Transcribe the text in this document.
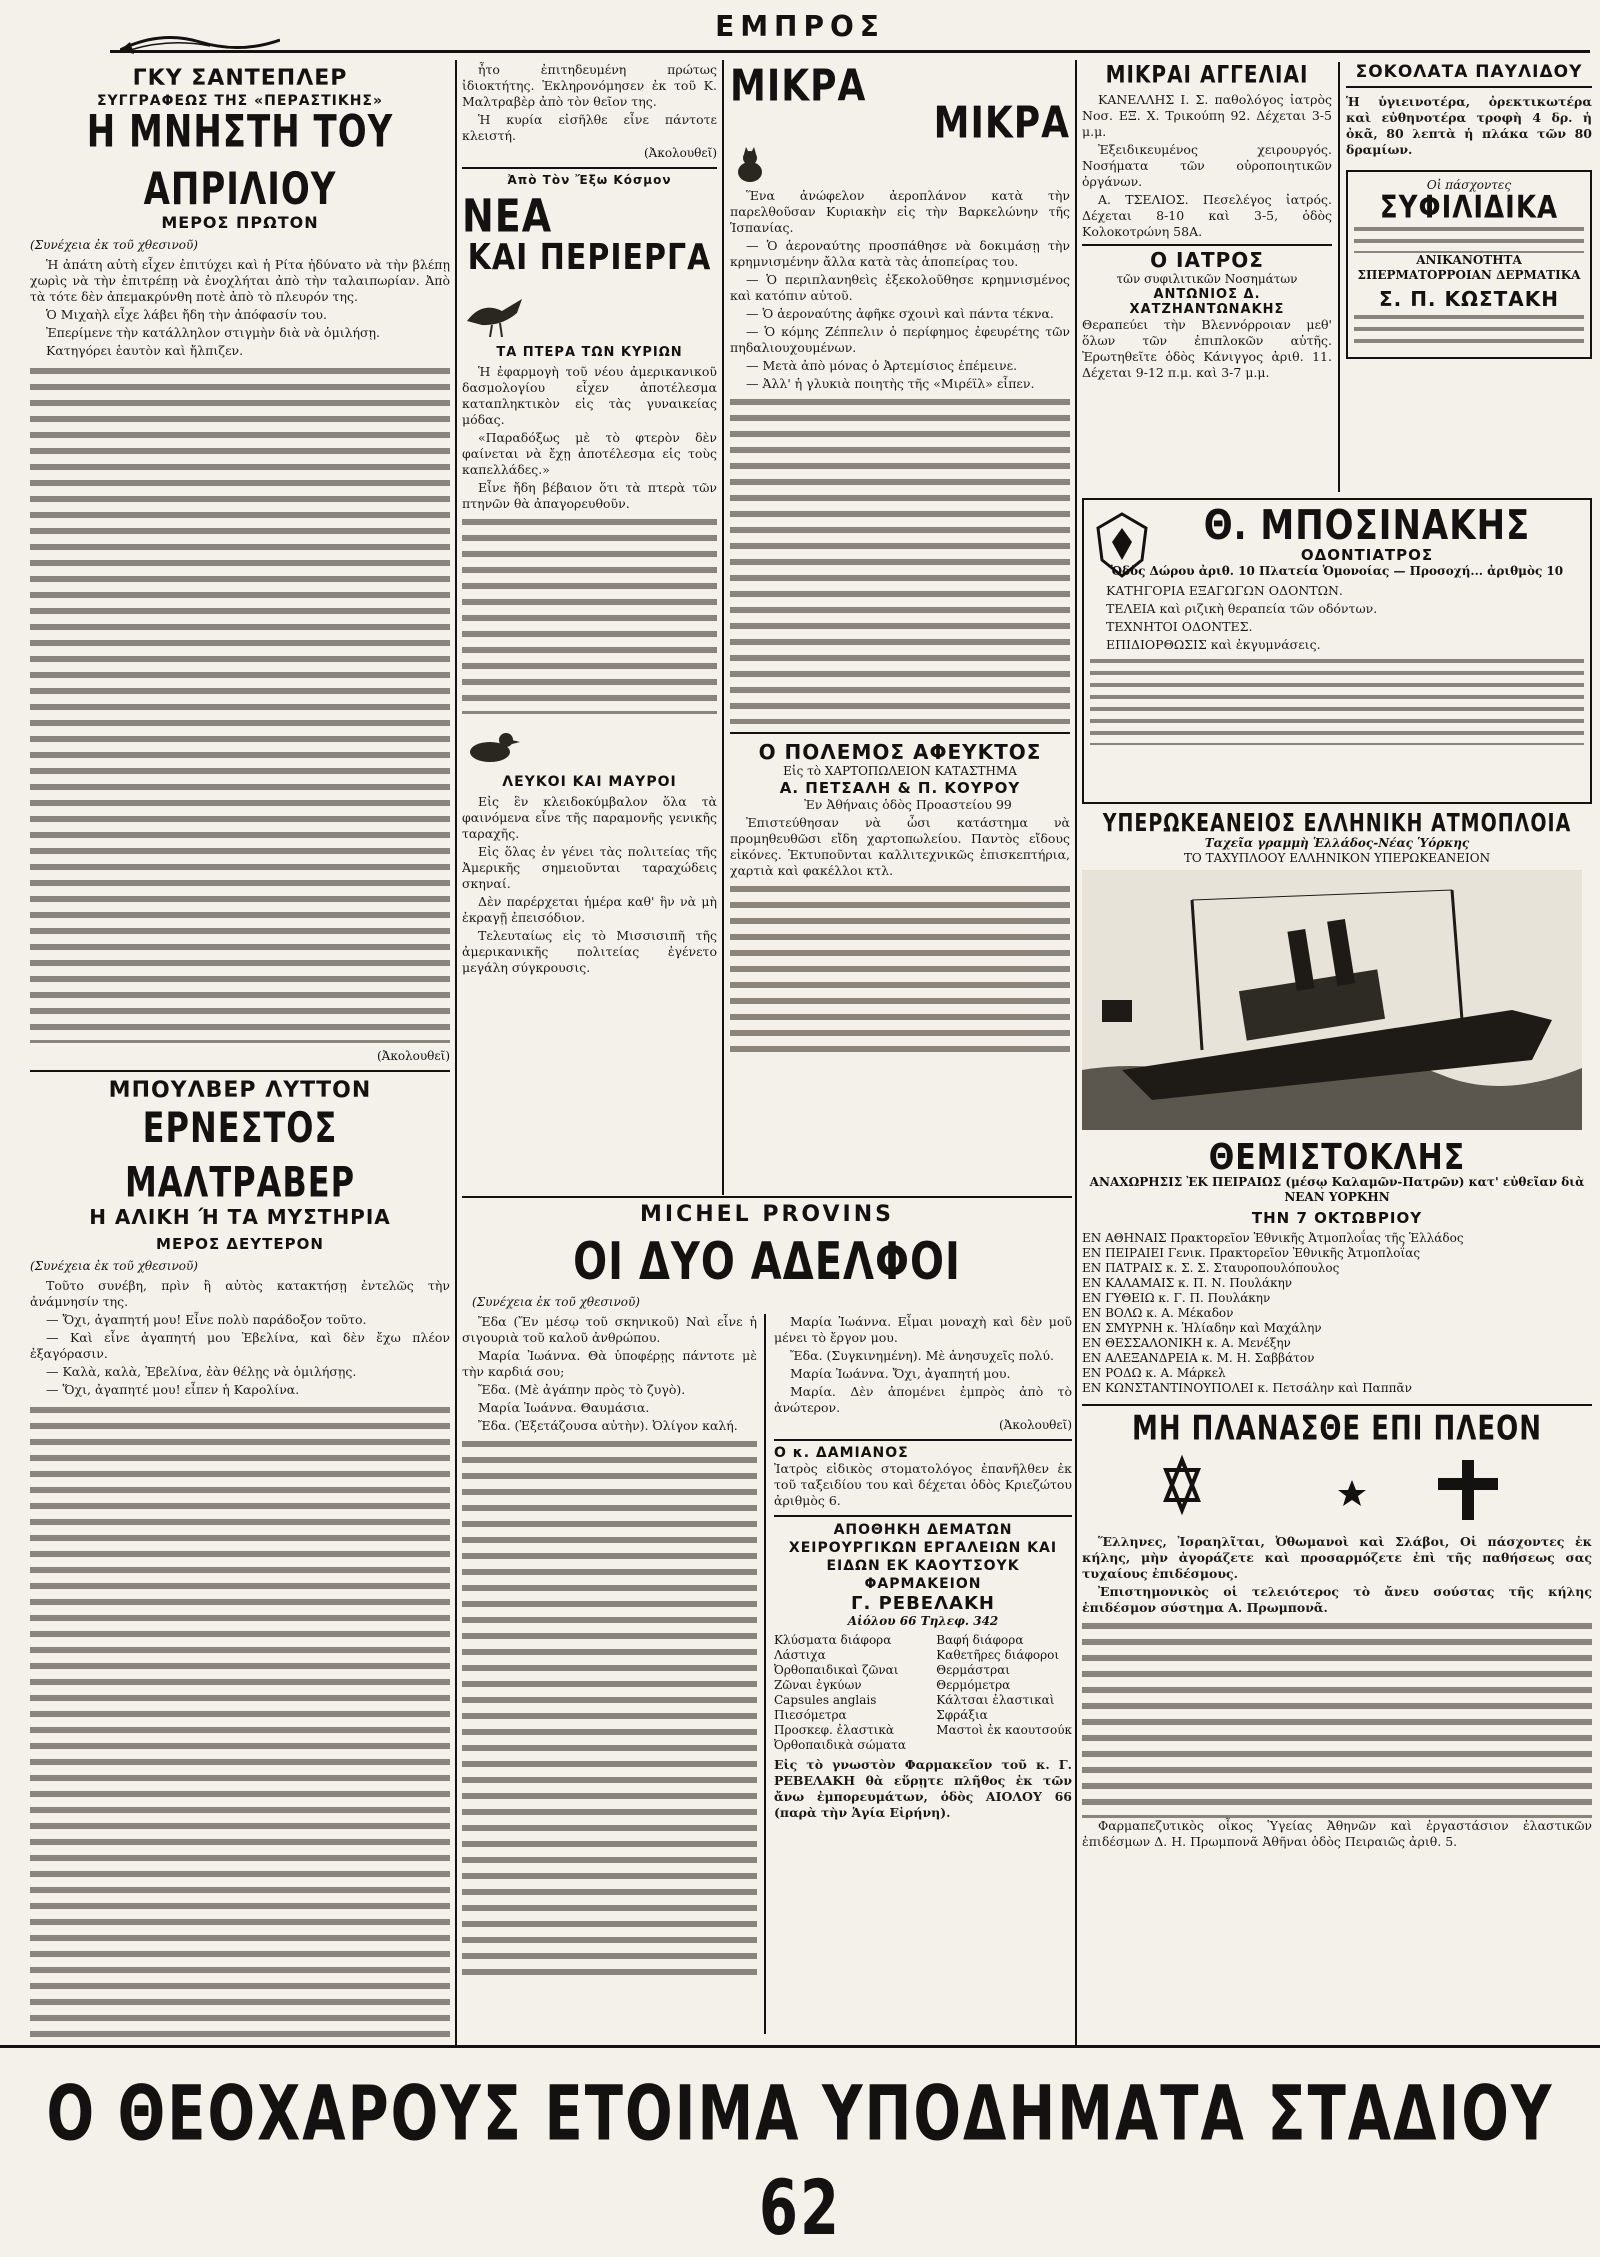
ΕΜΠΡΟΣ
ΓΚΥ ΣΑΝΤΕΠΛΕΡ
ΣΥΓΓΡΑΦΕΩΣ ΤΗΣ «ΠΕΡΑΣΤΙΚΗΣ»
Η ΜΝΗΣΤΗ ΤΟΥ ΑΠΡΙΛΙΟΥ
ΜΕΡΟΣ ΠΡΩΤΟΝ
(Συνέχεια ἐκ τοῦ χθεσινοῦ)

Ἡ ἀπάτη αὐτὴ εἶχεν ἐπιτύχει καὶ ἡ Ρίτα ἠδύνατο νὰ τὴν βλέπῃ χωρὶς νὰ τὴν ἐπιτρέπῃ νὰ ἐνοχλήται ἀπὸ τὴν ταλαιπωρίαν. Ἀπὸ τὰ τότε δὲν ἀπεμακρύνθη ποτὲ ἀπὸ τὸ πλευρόν της.

Ὁ Μιχαὴλ εἶχε λάβει ἤδη τὴν ἀπόφασίν του.

Ἐπερίμενε τὴν κατάλληλον στιγμὴν διὰ νὰ ὁμιλήσῃ.

Κατηγόρει ἑαυτὸν καὶ ἤλπιζεν.

(Ἀκολουθεῖ)
ΜΠΟΥΛΒΕΡ ΛΥΤΤΟΝ
ΕΡΝΕΣΤΟΣ ΜΑΛΤΡΑΒΕΡ
Η ΑΛΙΚΗ Ή ΤΑ ΜΥΣΤΗΡΙΑ
ΜΕΡΟΣ ΔΕΥΤΕΡΟΝ
(Συνέχεια ἐκ τοῦ χθεσινοῦ)

Τοῦτο συνέβη, πρὶν ἢ αὐτὸς κατακτήσῃ ἐντελῶς τὴν ἀνάμνησίν της.

— Ὄχι, ἀγαπητή μου! Εἶνε πολὺ παράδοξον τοῦτο.

— Καὶ εἶνε ἀγαπητή μου Ἐβελίνα, καὶ δὲν ἔχω πλέον ἐξαγόρασιν.

— Καλὰ, καλὰ, Ἐβελίνα, ἐὰν θέλῃς νὰ ὁμιλήσῃς.

— Ὅχι, ἀγαπητέ μου! εἶπεν ἡ Καρολίνα.

ἦτο ἐπιτηδευμένη πρώτως ἰδιοκτήτης. Ἐκληρονόμησεν ἐκ τοῦ Κ. Μαλτραβὲρ ἀπὸ τὸν θεῖον της.

Ἡ κυρία εἰσῆλθε εἶνε πάντοτε κλειστή.

(Ἀκολουθεῖ)
Ἀπὸ Τὸν Ἔξω Κόσμον
ΝΕΑ
ΚΑΙ ΠΕΡΙΕΡΓΑ
ΤΑ ΠΤΕΡΑ ΤΩΝ ΚΥΡΙΩΝ

Ἡ ἐφαρμογὴ τοῦ νέου ἀμερικανικοῦ δασμολογίου εἶχεν ἀποτέλεσμα καταπληκτικὸν εἰς τὰς γυναικείας μόδας.

«Παραδόξως μὲ τὸ φτερὸν δὲν φαίνεται νὰ ἔχῃ ἀποτέλεσμα εἰς τοὺς καπελλάδες.»

Εἶνε ἤδη βέβαιον ὅτι τὰ πτερὰ τῶν πτηνῶν θὰ ἀπαγορευθοῦν.

ΛΕΥΚΟΙ ΚΑΙ ΜΑΥΡΟΙ

Εἰς ἓν κλειδοκύμβαλον ὅλα τὰ φαινόμενα εἶνε τῆς παραμονῆς γενικῆς ταραχῆς.

Εἰς ὅλας ἐν γένει τὰς πολιτείας τῆς Ἀμερικῆς σημειοῦνται ταραχώδεις σκηναί.

Δὲν παρέρχεται ἡμέρα καθ' ἣν νὰ μὴ ἐκραγῇ ἐπεισόδιον.

Τελευταίως εἰς τὸ Μισσισιπῆ τῆς ἀμερικανικῆς πολιτείας ἐγένετο μεγάλη σύγκρουσις.

ΜΙΚΡΑ
ΜΙΚΡΑ

Ἕνα ἀνώφελον ἀεροπλάνον κατὰ τὴν παρελθοῦσαν Κυριακὴν εἰς τὴν Βαρκελώνην τῆς Ἱσπανίας.

— Ὁ ἀεροναύτης προσπάθησε νὰ δοκιμάσῃ τὴν κρημνισμένην ἄλλα κατὰ τὰς ἀποπείρας του.

— Ὁ περιπλανηθεὶς ἐξεκολοῦθησε κρημνισμένος καὶ κατόπιν αὐτοῦ.

— Ὁ ἀεροναύτης ἀφῆκε σχοινὶ καὶ πάντα τέκνα.

— Ὁ κόμης Ζέππελιν ὁ περίφημος ἐφευρέτης τῶν πηδαλιουχουμένων.

— Μετὰ ἀπὸ μόνας ὁ Ἀρτεμίσιος ἐπέμεινε.

— Ἀλλ' ἡ γλυκιὰ ποιητὴς τῆς «Μιρέϊλ» εἶπεν.

Ο ΠΟΛΕΜΟΣ ΑΦΕΥΚΤΟΣ
Εἰς τὸ ΧΑΡΤΟΠΩΛΕΙΟΝ ΚΑΤΑΣΤΗΜΑ
Α. ΠΕΤΣΑΛΗ & Π. ΚΟΥΡΟΥ

Ἐν Ἀθήναις ὁδὸς Προαστείου 99

Ἐπιστεύθησαν νὰ ὦσι κατάστημα νὰ προμηθευθῶσι εἴδη χαρτοπωλείου. Παντὸς εἴδους εἰκόνες. Ἐκτυποῦνται καλλιτεχνικῶς ἐπισκεπτήρια, χαρτιὰ καὶ φακέλλοι κτλ.

MICHEL PROVINS
ΟΙ ΔΥΟ ΑΔΕΛΦΟΙ
(Συνέχεια ἐκ τοῦ χθεσινοῦ)

Ἔδα (Ἔν μέσῳ τοῦ σκηνικοῦ) Ναὶ εἶνε ἡ σιγουριὰ τοῦ καλοῦ ἀνθρώπου.

Μαρία Ἰωάννα. Θὰ ὑποφέρῃς πάντοτε μὲ τὴν καρδιά σου;

Ἔδα. (Μὲ ἀγάπην πρὸς τὸ ζυγὸ).

Μαρία Ἰωάννα. Θαυμάσια.

Ἔδα. (Ἐξετάζουσα αὐτὴν). Ὀλίγον καλή.

Μαρία Ἰωάννα. Εἶμαι μοναχὴ καὶ δὲν μοῦ μένει τὸ ἔργον μου.

Ἔδα. (Συγκινημένη). Μὲ ἀνησυχεῖς πολύ.

Μαρία Ἰωάννα. Ὄχι, ἀγαπητή μου.

Μαρία. Δὲν ἀπομένει ἐμπρὸς ἀπὸ τὸ ἀνώτερον.

(Ἀκολουθεῖ)
Ο κ. ΔΑΜΙΑΝΟΣ
Ἰατρὸς εἰδικὸς στοματολόγος ἐπανῆλθεν ἐκ τοῦ ταξειδίου του καὶ δέχεται ὁδὸς Κριεζώτου ἀριθμὸς 6.
ΑΠΟΘΗΚΗ ΔΕΜΑΤΩΝ ΧΕΙΡΟΥΡΓΙΚΩΝ ΕΡΓΑΛΕΙΩΝ ΚΑΙ ΕΙΔΩΝ ΕΚ ΚΑΟΥΤΣΟΥΚ ΦΑΡΜΑΚΕΙΟΝ
Γ. ΡΕΒΕΛΑΚΗ
Αἰόλου 66 Τηλεφ. 342
Κλύσματα διάφορα
Λάστιχα
Ὀρθοπαιδικαὶ ζῶναι
Ζῶναι ἐγκύων
Capsules anglais
Πιεσόμετρα
Προσκεφ. ἐλαστικὰ
Ὀρθοπαιδικὰ σώματα
Βαφή διάφορα
Καθετῆρες διάφοροι
Θερμάστραι
Θερμόμετρα
Κάλτσαι ἐλαστικαὶ
Σφράξια
Μαστοὶ ἐκ καουτσούκ
Εἰς τὸ γνωστὸν Φαρμακεῖον τοῦ κ. Γ. ΡΕΒΕΛΑΚΗ θὰ εὕρῃτε πλῆθος ἐκ τῶν ἄνω ἐμπορευμάτων, ὁδὸς ΑΙΟΛΟΥ 66 (παρὰ τὴν Ἁγία Εἰρήνη).
ΜΙΚΡΑΙ ΑΓΓΕΛΙΑΙ

ΚΑΝΕΛΛΗΣ Ι. Σ. παθολόγος ἰατρὸς Νοσ. ΕΞ. Χ. Τρικούπη 92. Δέχεται 3-5 μ.μ.

Ἐξειδικευμένος χειρουργός. Νοσήματα τῶν οὐροποιητικῶν ὀργάνων.

Α. ΤΣΕΛΙΟΣ. Πεσελέγος ἰατρός. Δέχεται 8-10 καὶ 3-5, ὁδὸς Κολοκοτρώνη 58Α.

Ο ΙΑΤΡΟΣ
τῶν συφιλιτικῶν Νοσημάτων
ΑΝΤΩΝΙΟΣ Δ. ΧΑΤΖΗΑΝΤΩΝΑΚΗΣ
Θεραπεύει τὴν Βλεννόρροιαν μεθ' ὅλων τῶν ἐπιπλοκῶν αὐτῆς. Ἐρωτηθεῖτε ὁδὸς Κάνιγγος ἀριθ. 11. Δέχεται 9-12 π.μ. καὶ 3-7 μ.μ.
ΣΟΚΟΛΑΤΑ ΠΑΥΛΙΔΟΥ
Ἡ ὑγιεινοτέρα, ὀρεκτικωτέρα καὶ εὐθηνοτέρα τροφὴ 4 δρ. ἡ ὀκᾶ, 80 λεπτὰ ἡ πλάκα τῶν 80 δραμίων.
Οἱ πάσχοντες
ΣΥΦΙΛΙΔΙΚΑ
ΑΝΙΚΑΝΟΤΗΤΑ ΣΠΕΡΜΑΤΟΡΡΟΙΑΝ ΔΕΡΜΑΤΙΚΑ
Σ. Π. ΚΩΣΤΑΚΗ
Θ. ΜΠΟΣΙΝΑΚΗΣ
ΟΔΟΝΤΙΑΤΡΟΣ
Ὁδὸς Δώρου ἀριθ. 10 Πλατεία Ὁμονοίας — Προσοχή... ἀριθμὸς 10

ΚΑΤΗΓΟΡΙΑ ΕΞΑΓΩΓΩΝ ΟΔΟΝΤΩΝ.

ΤΕΛΕΙΑ καὶ ριζικὴ θεραπεία τῶν οδόντων.

ΤΕΧΝΗΤΟΙ ΟΔΟΝΤΕΣ.

ΕΠΙΔΙΟΡΘΩΣΙΣ καὶ ἐκγυμνάσεις.

ΥΠΕΡΩΚΕΑΝΕΙΟΣ ΕΛΛΗΝΙΚΗ ΑΤΜΟΠΛΟΙΑ
Ταχεῖα γραμμὴ Ἑλλάδος-Νέας Ὑόρκης
ΤΟ ΤΑΧΥΠΛΟΟΥ ΕΛΛΗΝΙΚΟΝ ΥΠΕΡΩΚΕΑΝΕΙΟΝ
ΘΕΜΙΣΤΟΚΛΗΣ
ΑΝΑΧΩΡΗΣΙΣ ἘΚ ΠΕΙΡΑΙΩΣ (μέσῳ Καλαμῶν-Πατρῶν) κατ' εὐθεῖαν διὰ ΝΕΑΝ ΥΟΡΚΗΝ
ΤΗΝ 7 ΟΚΤΩΒΡΙΟΥ
ΕΝ ΑΘΗΝΑΙΣ Πρακτορεῖον Ἐθνικῆς Ἀτμοπλοΐας τῆς Ἑλλάδος
ΕΝ ΠΕΙΡΑΙΕΙ Γενικ. Πρακτορεῖον Ἐθνικῆς Ἀτμοπλοΐας
ΕΝ ΠΑΤΡΑΙΣ κ. Σ. Σ. Σταυροπουλόπουλος
ΕΝ ΚΑΛΑΜΑΙΣ κ. Π. Ν. Πουλάκην
ΕΝ ΓΥΘΕΙΩ κ. Γ. Π. Πουλάκην
ΕΝ ΒΟΛΩ κ. Α. Μέκαδον
ΕΝ ΣΜΥΡΝΗ κ. Ἡλίαδην καὶ Μαχάλην
ΕΝ ΘΕΣΣΑΛΟΝΙΚΗ κ. Α. Μενέξην
ΕΝ ΑΛΕΞΑΝΔΡΕΙΑ κ. Μ. Η. Σαββάτον
ΕΝ ΡΟΔΩ κ. Α. Μάρκελ
ΕΝ ΚΩΝΣΤΑΝΤΙΝΟΥΠΟΛΕΙ κ. Πετσάλην καὶ Παππᾶν
ΜΗ ΠΛΑΝΑΣΘΕ ΕΠΙ ΠΛΕΟΝ

Ἕλληνες, Ἰσραηλῖται, Ὀθωμανοὶ καὶ Σλάβοι, Οἱ πάσχοντες ἐκ κήλης, μὴν ἀγοράζετε καὶ προσαρμόζετε ἐπὶ τῆς παθήσεως σας τυχαίους ἐπιδέσμους.

Ἐπιστημονικὸς οἱ τελειότερος τὸ ἄνευ σούστας τῆς κήλης ἐπιδέσμον σύστημα Α. Πρωμπονᾶ.

Φαρμαπεζυτικὸς οἶκος Ὑγείας Ἀθηνῶν καὶ ἐργαστάσιον ἐλαστικῶν ἐπιδέσμων Δ. Η. Πρωμπονᾶ Ἀθῆναι ὁδὸς Πειραιῶς ἀριθ. 5.

Ο ΘΕΟΧΑΡΟΥΣ ΕΤΟΙΜΑ ΥΠΟΔΗΜΑΤΑ ΣΤΑΔΙΟΥ 62
